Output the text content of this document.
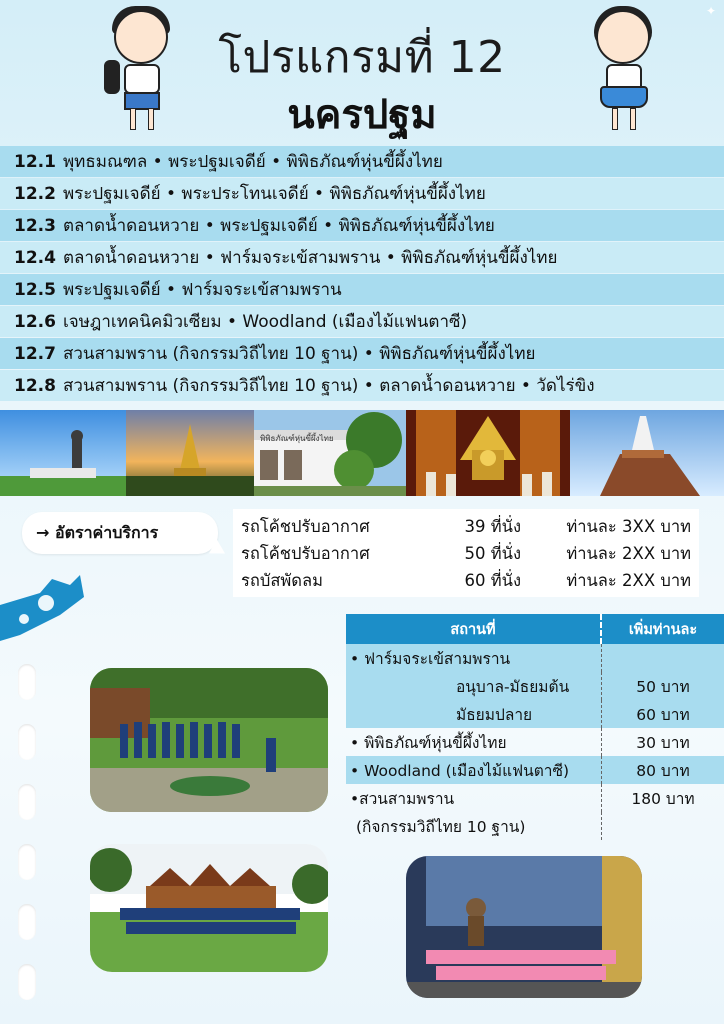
โปรแกรมที่ 12
นครปฐม
12.1 พุทธมณฑล • พระปฐมเจดีย์ • พิพิธภัณฑ์หุ่นขี้ผึ้งไทย
12.2 พระปฐมเจดีย์ • พระประโทนเจดีย์ • พิพิธภัณฑ์หุ่นขี้ผึ้งไทย
12.3 ตลาดน้ำดอนหวาย • พระปฐมเจดีย์ • พิพิธภัณฑ์หุ่นขี้ผึ้งไทย
12.4 ตลาดน้ำดอนหวาย • ฟาร์มจระเข้สามพราน • พิพิธภัณฑ์หุ่นขี้ผึ้งไทย
12.5 พระปฐมเจดีย์ • ฟาร์มจระเข้สามพราน
12.6 เจษฎาเทคนิคมิวเซียม • Woodland (เมืองไม้แฟนตาซี)
12.7 สวนสามพราน (กิจกรรมวิถีไทย 10 ฐาน) • พิพิธภัณฑ์หุ่นขี้ผึ้งไทย
12.8 สวนสามพราน (กิจกรรมวิถีไทย 10 ฐาน) • ตลาดน้ำดอนหวาย • วัดไร่ขิง
พิพิธภัณฑ์หุ่นขี้ผึ้งไทย
→ อัตราค่าบริการ	รถโค้ชปรับอากาศ	39 ที่นั่ง	ท่านละ 3XX บาท
รถโค้ชปรับอากาศ	50 ที่นั่ง	ท่านละ 2XX บาท
รถบัสพัดลม	60 ที่นั่ง	ท่านละ 2XX บาท
สถานที่	เพิ่มท่านละ
• ฟาร์มจระเข้สามพราน
อนุบาล-มัธยมต้น	50 บาท
มัธยมปลาย	60 บาท
• พิพิธภัณฑ์หุ่นขี้ผึ้งไทย	30 บาท
• Woodland (เมืองไม้แฟนตาซี)	80 บาท
•สวนสามพราน	180 บาท
(กิจกรรมวิถีไทย 10 ฐาน)
✦
